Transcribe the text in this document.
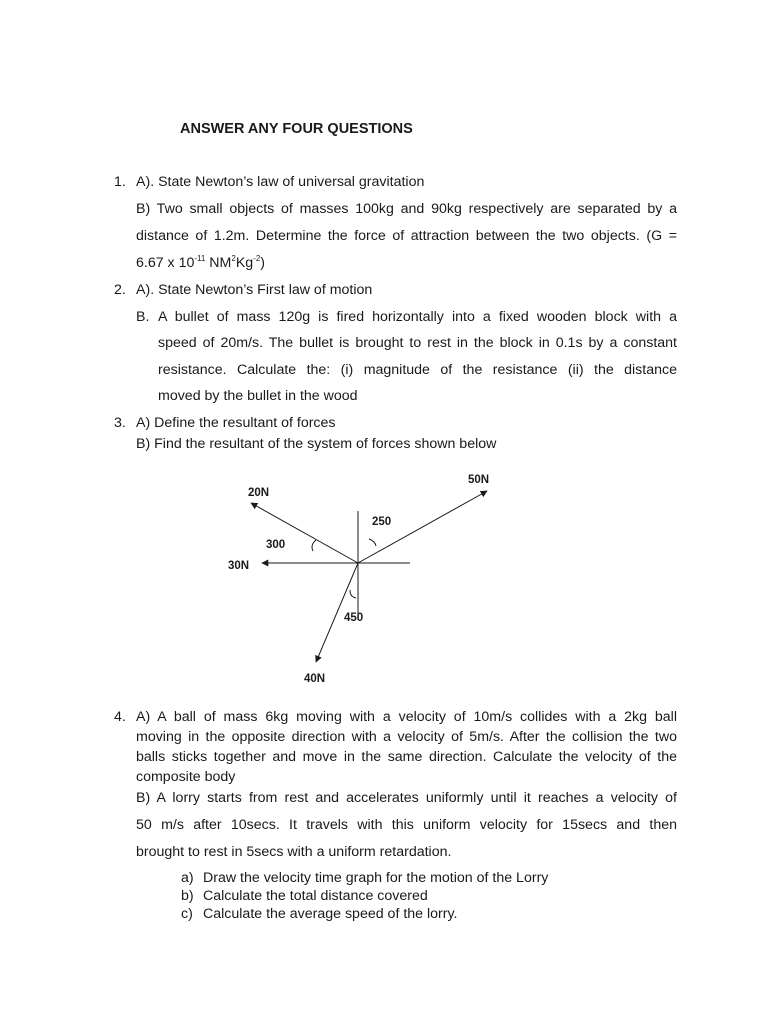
ANSWER ANY FOUR QUESTIONS
1. A). State Newton’s law of universal gravitation
B) Two small objects of masses 100kg and 90kg respectively are separated by a
distance of 1.2m. Determine the force of attraction between the two objects. (G =
6.67 x $10^{-11}$ $NM^2Kg^{-2}$)
2. A). State Newton’s First law of motion
B. A bullet of mass 120g is fired horizontally into a fixed wooden block with a
speed of 20m/s. The bullet is brought to rest in the block in 0.1s by a constant
resistance. Calculate the: (i) magnitude of the resistance (ii) the distance
moved by the bullet in the wood
3. A) Define the resultant of forces
B) Find the resultant of the system of forces shown below
20N
50N
30N
40N
300
250
450
4. A) A ball of mass 6kg moving with a velocity of 10m/s collides with a 2kg ball
moving in the opposite direction with a velocity of 5m/s. After the collision the two
balls sticks together and move in the same direction. Calculate the velocity of the
composite body
B) A lorry starts from rest and accelerates uniformly until it reaches a velocity of
50 m/s after 10secs. It travels with this uniform velocity for 15secs and then
brought to rest in 5secs with a uniform retardation.
a) Draw the velocity time graph for the motion of the Lorry
b) Calculate the total distance covered
c) Calculate the average speed of the lorry.
